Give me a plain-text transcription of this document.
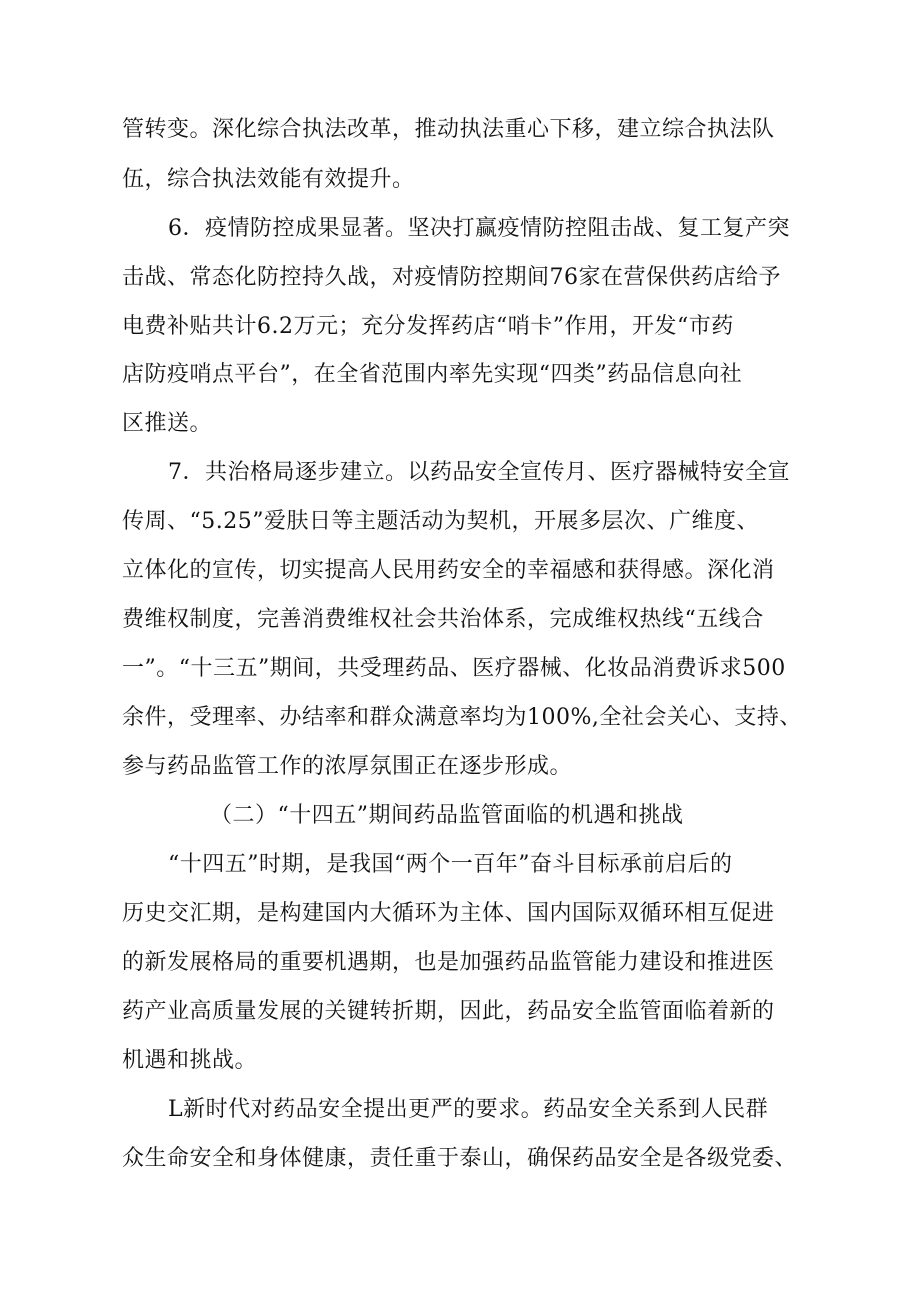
管转变。深化综合执法改革，推动执法重心下移，建立综合执法队
伍，综合执法效能有效提升。
6．疫情防控成果显著。坚决打赢疫情防控阻击战、复工复产突
击战、常态化防控持久战，对疫情防控期间76家在营保供药店给予
电费补贴共计6.2万元；充分发挥药店“哨卡”作用，开发“市药
店防疫哨点平台”，在全省范围内率先实现“四类”药品信息向社
区推送。
7．共治格局逐步建立。以药品安全宣传月、医疗器械特安全宣
传周、“5.25”爱肤日等主题活动为契机，开展多层次、广维度、
立体化的宣传，切实提高人民用药安全的幸福感和获得感。深化消
费维权制度，完善消费维权社会共治体系，完成维权热线“五线合
一”。“十三五”期间，共受理药品、医疗器械、化妆品消费诉求500
余件，受理率、办结率和群众满意率均为100%,全社会关心、支持、
参与药品监管工作的浓厚氛围正在逐步形成。
（二）“十四五”期间药品监管面临的机遇和挑战
“十四五”时期，是我国“两个一百年”奋斗目标承前启后的
历史交汇期，是构建国内大循环为主体、国内国际双循环相互促进
的新发展格局的重要机遇期，也是加强药品监管能力建设和推进医
药产业高质量发展的关键转折期，因此，药品安全监管面临着新的
机遇和挑战。
L新时代对药品安全提出更严的要求。药品安全关系到人民群
众生命安全和身体健康，责任重于泰山，确保药品安全是各级党委、
